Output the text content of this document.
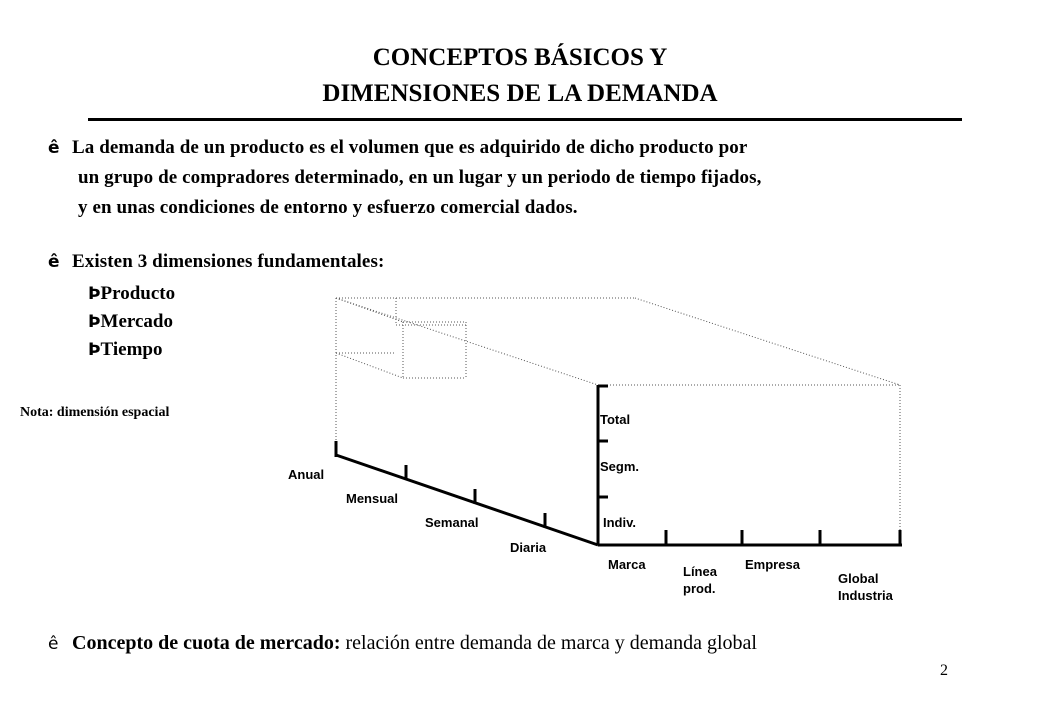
CONCEPTOS BÁSICOS Y
DIMENSIONES DE LA DEMANDA
ê La demanda de un producto es el volumen que es adquirido de dicho producto por
un grupo de compradores determinado, en un lugar y un periodo de tiempo fijados,
y en unas condiciones de entorno y esfuerzo comercial dados.
ê Existen 3 dimensiones fundamentales:
ÞProducto
ÞMercado
ÞTiempo
Nota: dimensión espacial
Anual
Mensual
Semanal
Diaria
Total
Segm.
Indiv.
Marca	Línea
prod.
Empresa
Global
Industria
ê Concepto de cuota de mercado: relación entre demanda de marca y demanda global
2
